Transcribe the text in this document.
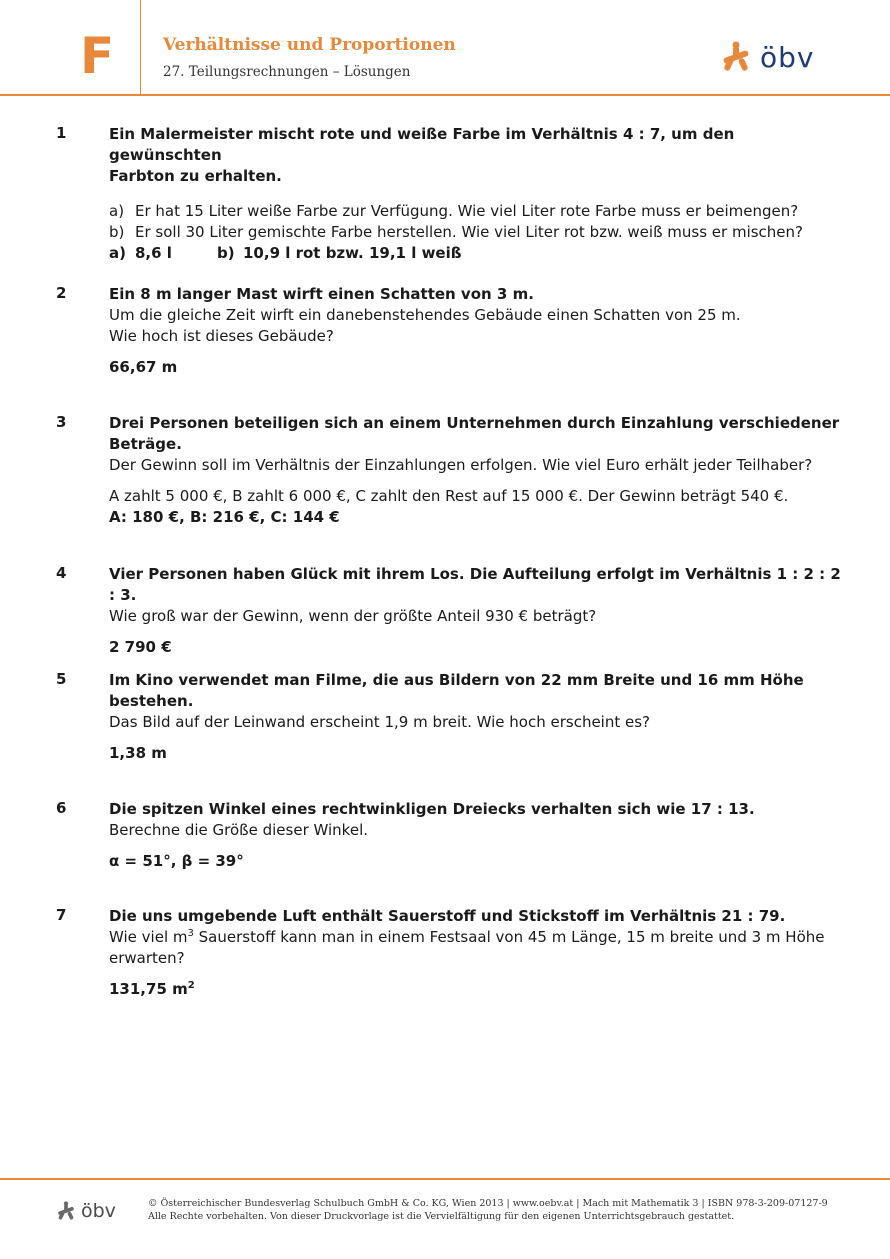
F	Verhältnisse und Proportionen
27. Teilungsrechnungen – Lösungen	öbv
1	Ein Malermeister mischt rote und weiße Farbe im Verhältnis 4 : 7, um den gewünschten

Farbton zu erhalten.

a) Er hat 15 Liter weiße Farbe zur Verfügung. Wie viel Liter rote Farbe muss er beimengen?
b) Er soll 30 Liter gemischte Farbe herstellen. Wie viel Liter rot bzw. weiß muss er mischen?
a) 8,6 l	b) 10,9 l rot bzw. 19,1 l weiß
2	Ein 8 m langer Mast wirft einen Schatten von 3 m.

Um die gleiche Zeit wirft ein danebenstehendes Gebäude einen Schatten von 25 m.

Wie hoch ist dieses Gebäude?

66,67 m

3	Drei Personen beteiligen sich an einem Unternehmen durch Einzahlung verschiedener

Beträge.

Der Gewinn soll im Verhältnis der Einzahlungen erfolgen. Wie viel Euro erhält jeder Teilhaber?

A zahlt 5 000 €, B zahlt 6 000 €, C zahlt den Rest auf 15 000 €. Der Gewinn beträgt 540 €.

A: 180 €, B: 216 €, C: 144 €

4	Vier Personen haben Glück mit ihrem Los. Die Aufteilung erfolgt im Verhältnis 1 : 2 : 2 : 3.

Wie groß war der Gewinn, wenn der größte Anteil 930 € beträgt?

2 790 €

5	Im Kino verwendet man Filme, die aus Bildern von 22 mm Breite und 16 mm Höhe

bestehen.

Das Bild auf der Leinwand erscheint 1,9 m breit. Wie hoch erscheint es?

1,38 m

6	Die spitzen Winkel eines rechtwinkligen Dreiecks verhalten sich wie 17 : 13.

Berechne die Größe dieser Winkel.

α = 51°, β = 39°

7	Die uns umgebende Luft enthält Sauerstoff und Stickstoff im Verhältnis 21 : 79.

Wie viel $m^3$ Sauerstoff kann man in einem Festsaal von 45 m Länge, 15 m breite und 3 m Höhe

erwarten?

131,75 $m^2$

öbv	© Österreichischer Bundesverlag Schulbuch GmbH & Co. KG, Wien 2013 | www.oebv.at | Mach mit Mathematik 3 | ISBN 978-3-209-07127-9
Alle Rechte vorbehalten. Von dieser Druckvorlage ist die Vervielfältigung für den eigenen Unterrichtsgebrauch gestattet.
